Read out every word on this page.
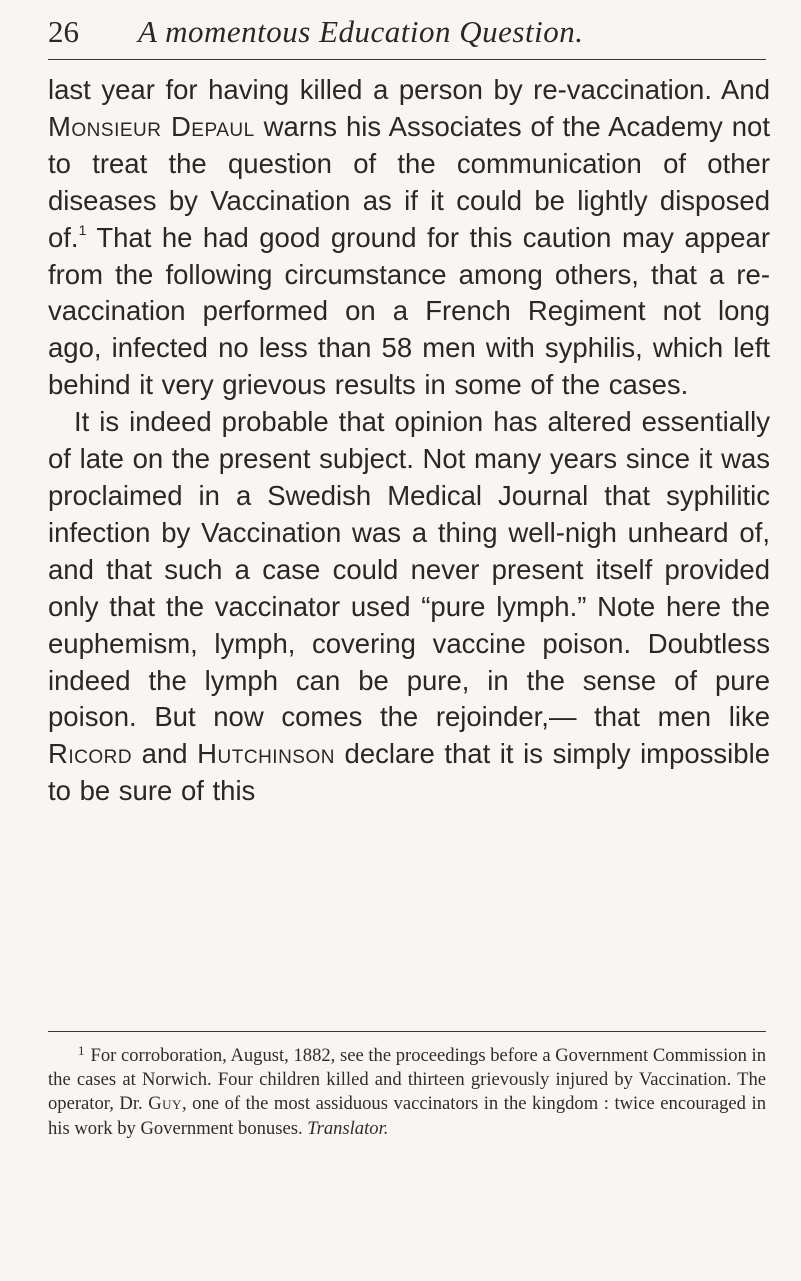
26 A momentous Education Question.

last year for having killed a person by re-vaccination. And Monsieur Depaul warns his Associates of the Academy not to treat the question of the communication of other diseases by Vaccination as if it could be lightly disposed of.$^1$ That he had good ground for this caution may appear from the following circumstance among others, that a re-vaccination performed on a French Regiment not long ago, infected no less than 58 men with syphilis, which left behind it very grievous results in some of the cases.

It is indeed probable that opinion has altered essentially of late on the present subject. Not many years since it was proclaimed in a Swedish Medical Journal that syphilitic infection by Vaccination was a thing well-nigh unheard of, and that such a case could never present itself provided only that the vaccinator used “pure lymph.” Note here the euphemism, lymph, covering vaccine poison. Doubtless indeed the lymph can be pure, in the sense of pure poison. But now comes the rejoinder,— that men like Ricord and Hutchinson declare that it is simply impossible to be sure of this

$^1$ For corroboration, August, 1882, see the proceedings before a Government Commission in the cases at Norwich. Four children killed and thirteen grievously injured by Vaccination. The operator, Dr. Guy, one of the most assiduous vaccinators in the kingdom : twice encouraged in his work by Government bonuses. Translator.
